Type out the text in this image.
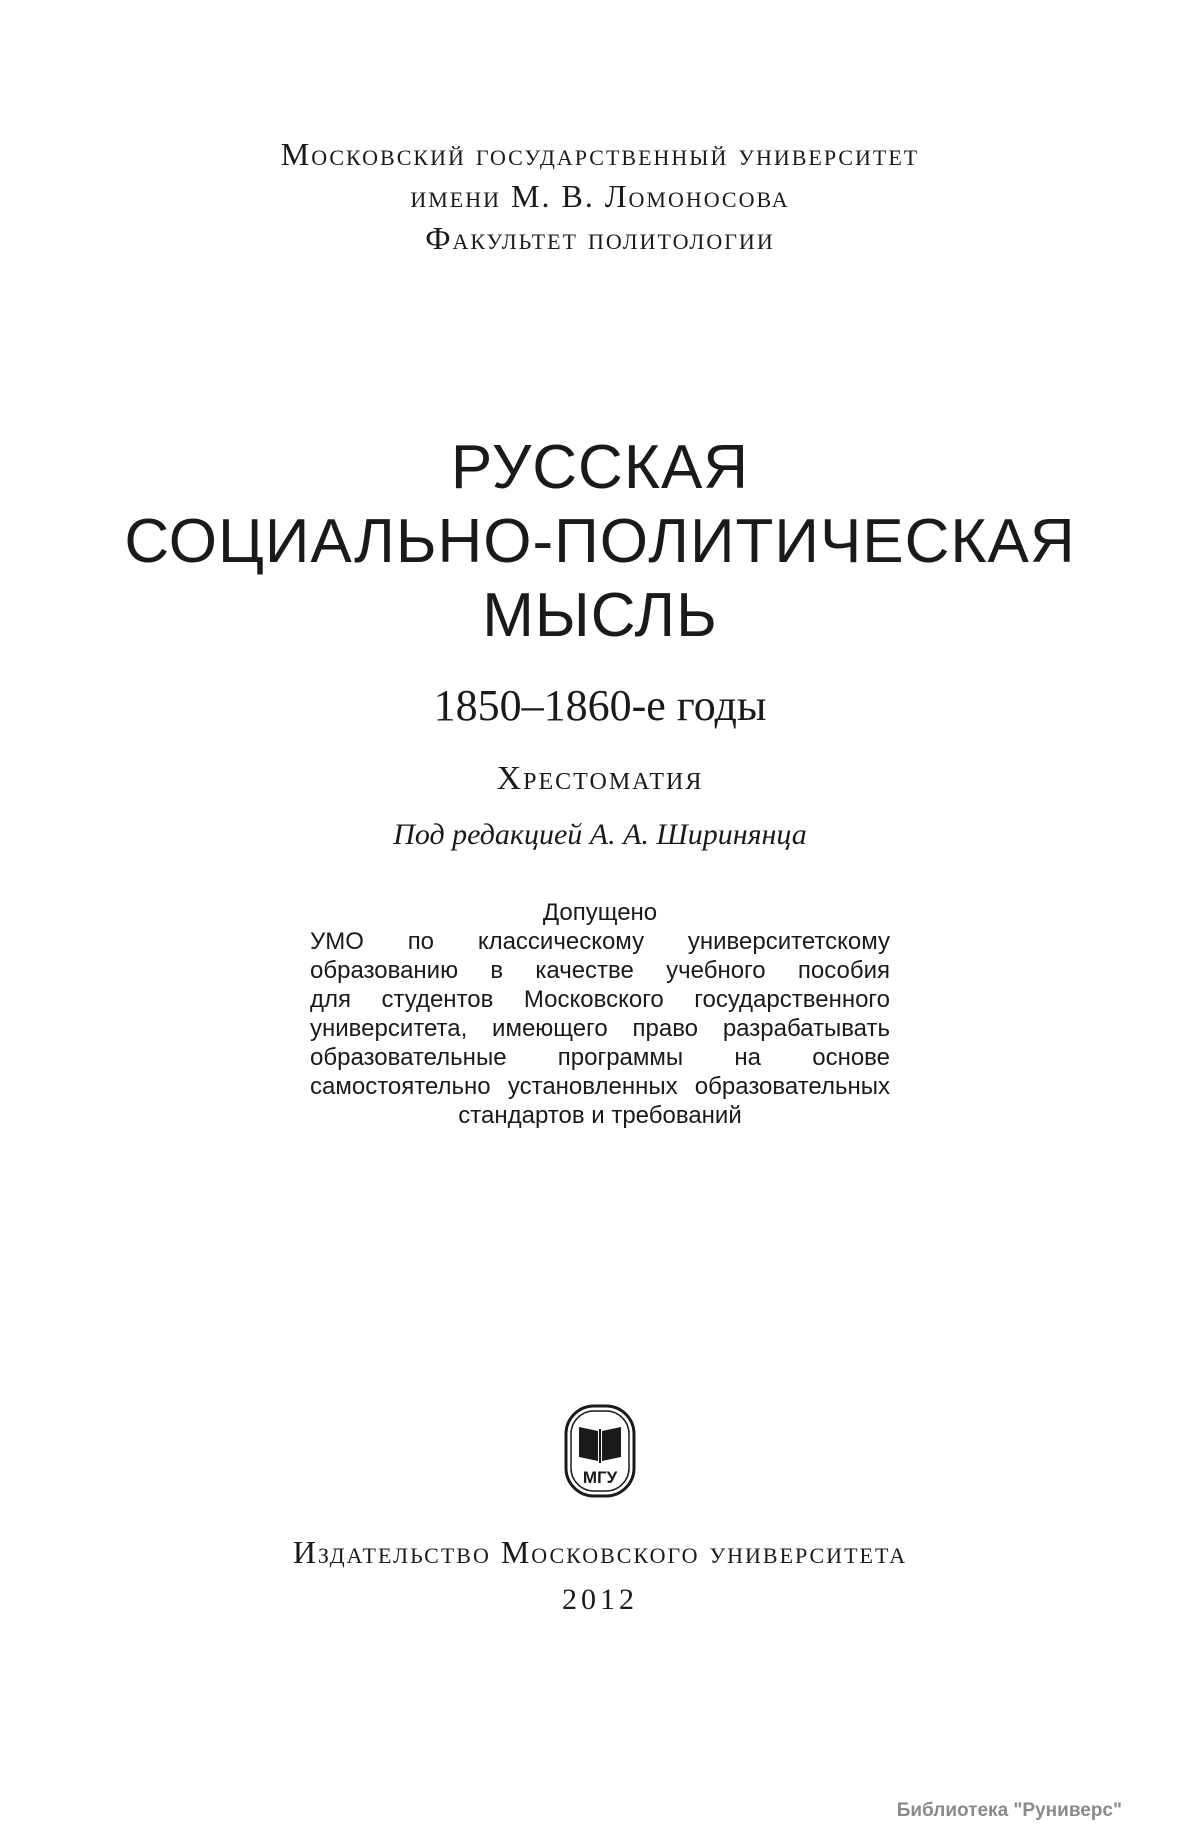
Московский государственный университет
имени М. В. Ломоносова
Факультет политологии
РУССКАЯ
СОЦИАЛЬНО-ПОЛИТИЧЕСКАЯ
МЫСЛЬ
1850–1860-е годы
Хрестоматия
Под редакцией А. А. Ширинянца
Допущено
УМО по классическому университетскому
образованию в качестве учебного пособия
для студентов Московского государственного
университета, имеющего право разрабатывать
образовательные программы на основе
самостоятельно установленных образовательных
стандартов и требований
МГУ
Издательство Московского университета
2012
Библиотека "Руниверс"
